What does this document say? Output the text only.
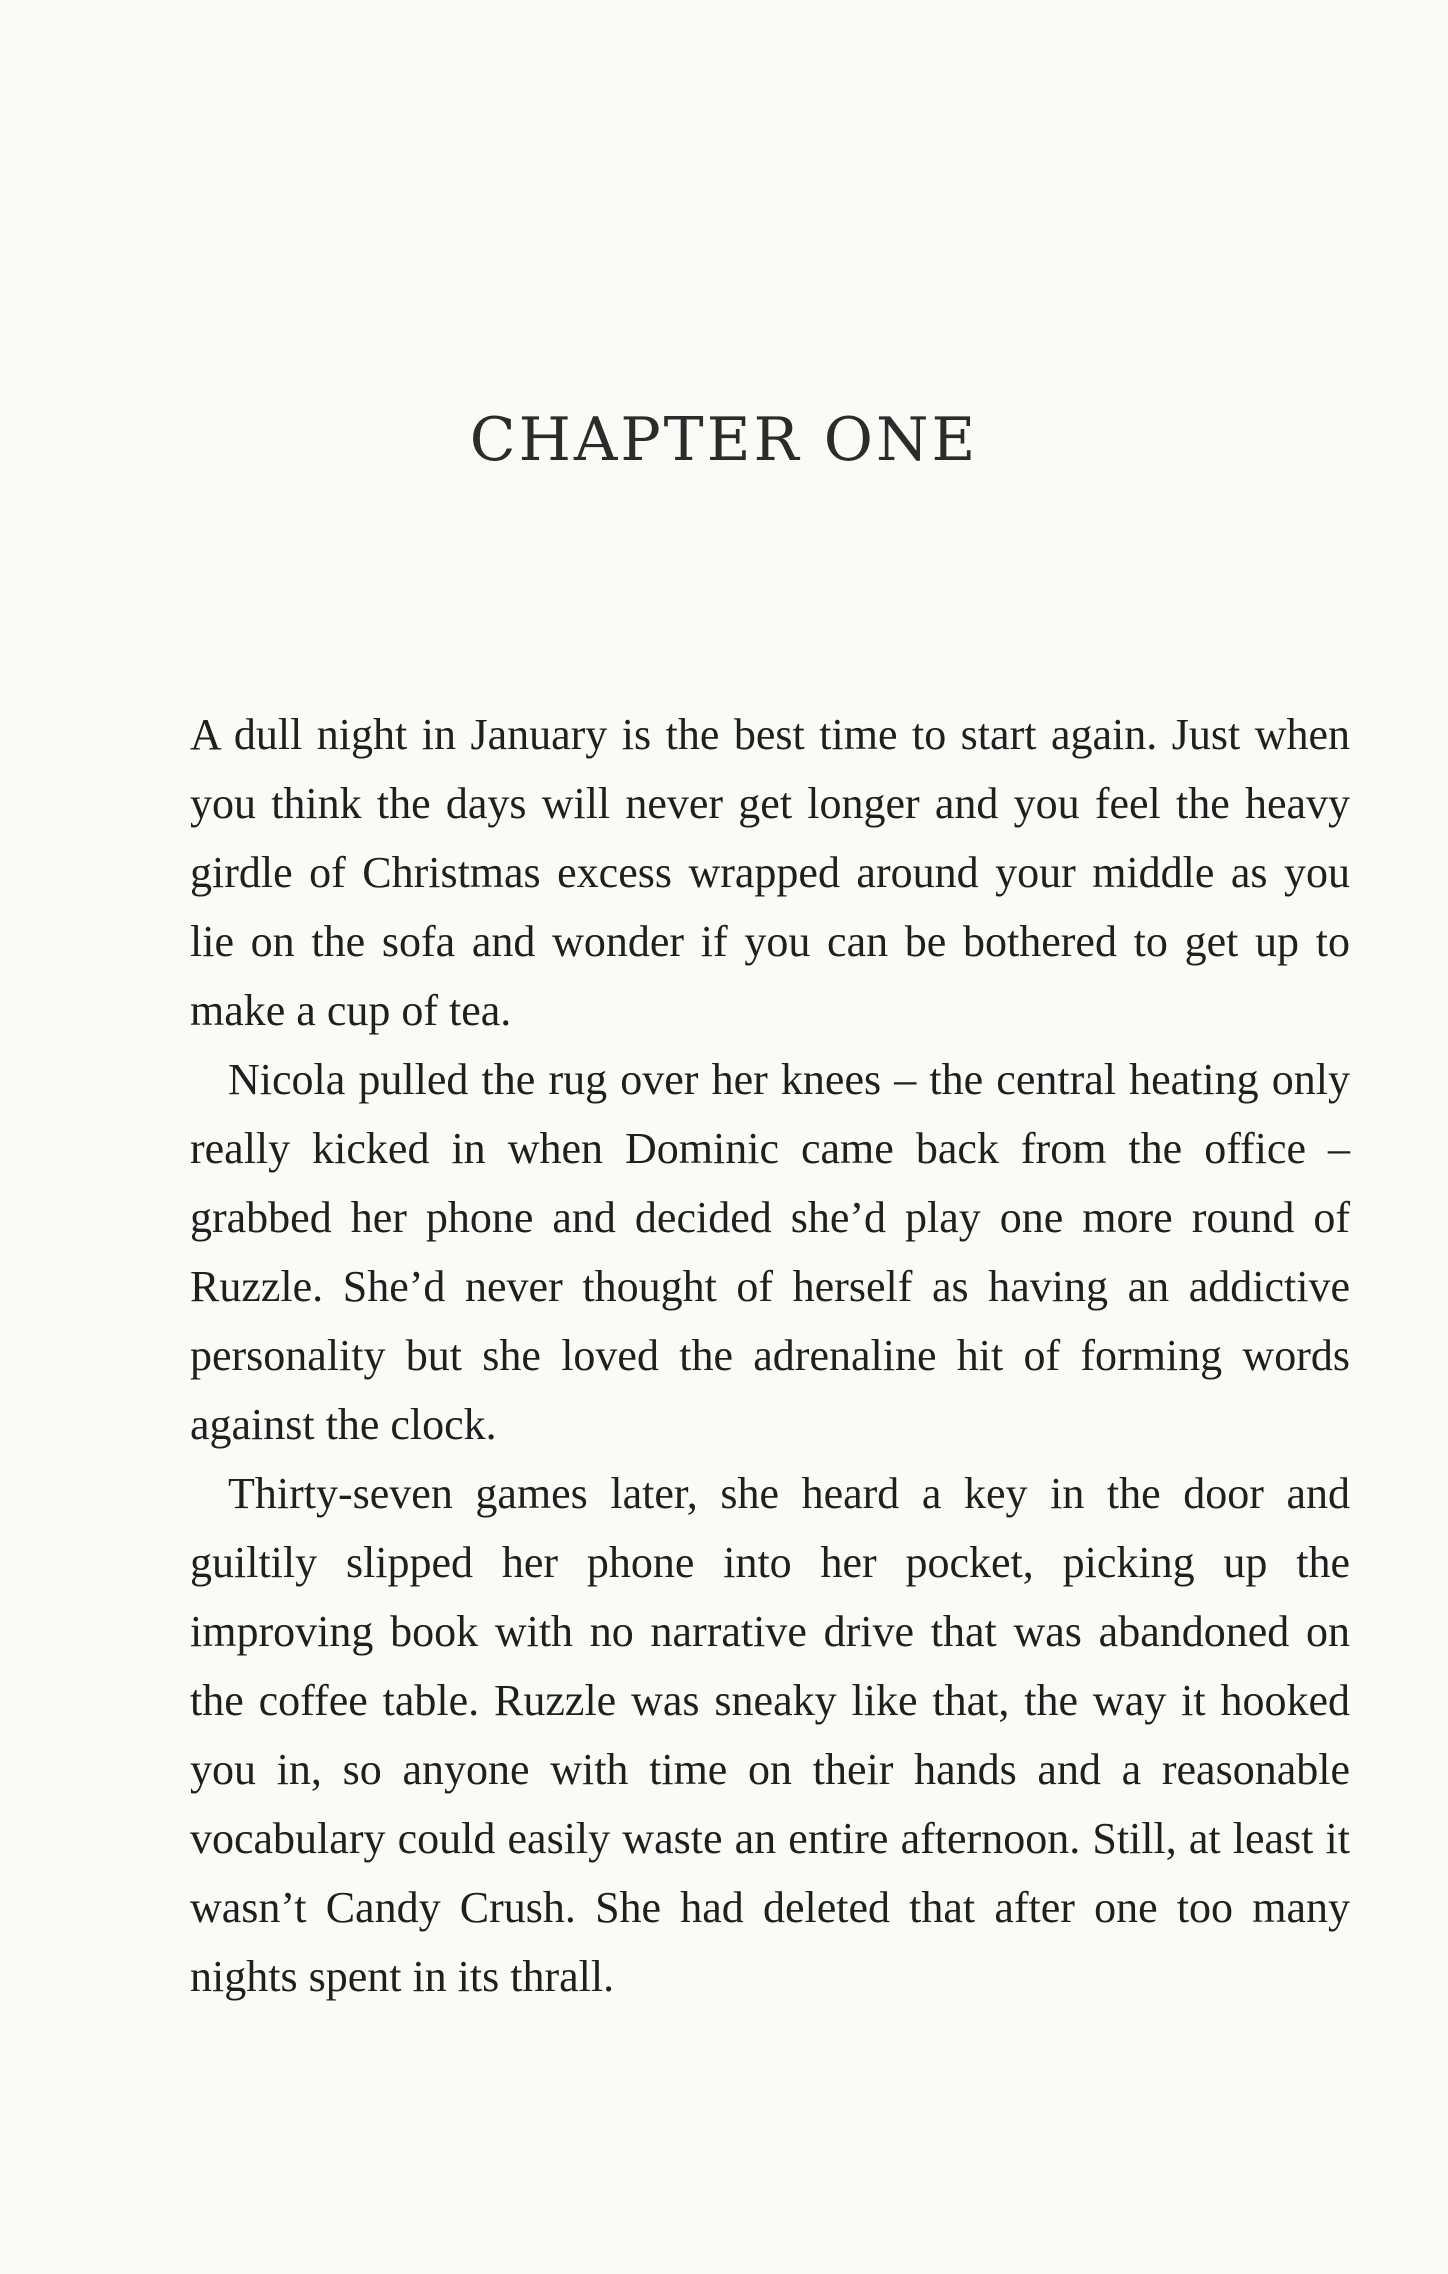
CHAPTER ONE

A dull night in January is the best time to start again. Just when you think the days will never get longer and you feel the heavy girdle of Christmas excess wrapped around your middle as you lie on the sofa and wonder if you can be bothered to get up to make a cup of tea.

Nicola pulled the rug over her knees – the central heating only really kicked in when Dominic came back from the office – grabbed her phone and decided she’d play one more round of Ruzzle. She’d never thought of herself as having an addictive personality but she loved the adrenaline hit of forming words against the clock.

Thirty-seven games later, she heard a key in the door and guiltily slipped her phone into her pocket, picking up the improving book with no narrative drive that was abandoned on the coffee table. Ruzzle was sneaky like that, the way it hooked you in, so anyone with time on their hands and a reasonable vocabulary could easily waste an entire afternoon. Still, at least it wasn’t Candy Crush. She had deleted that after one too many nights spent in its thrall.
